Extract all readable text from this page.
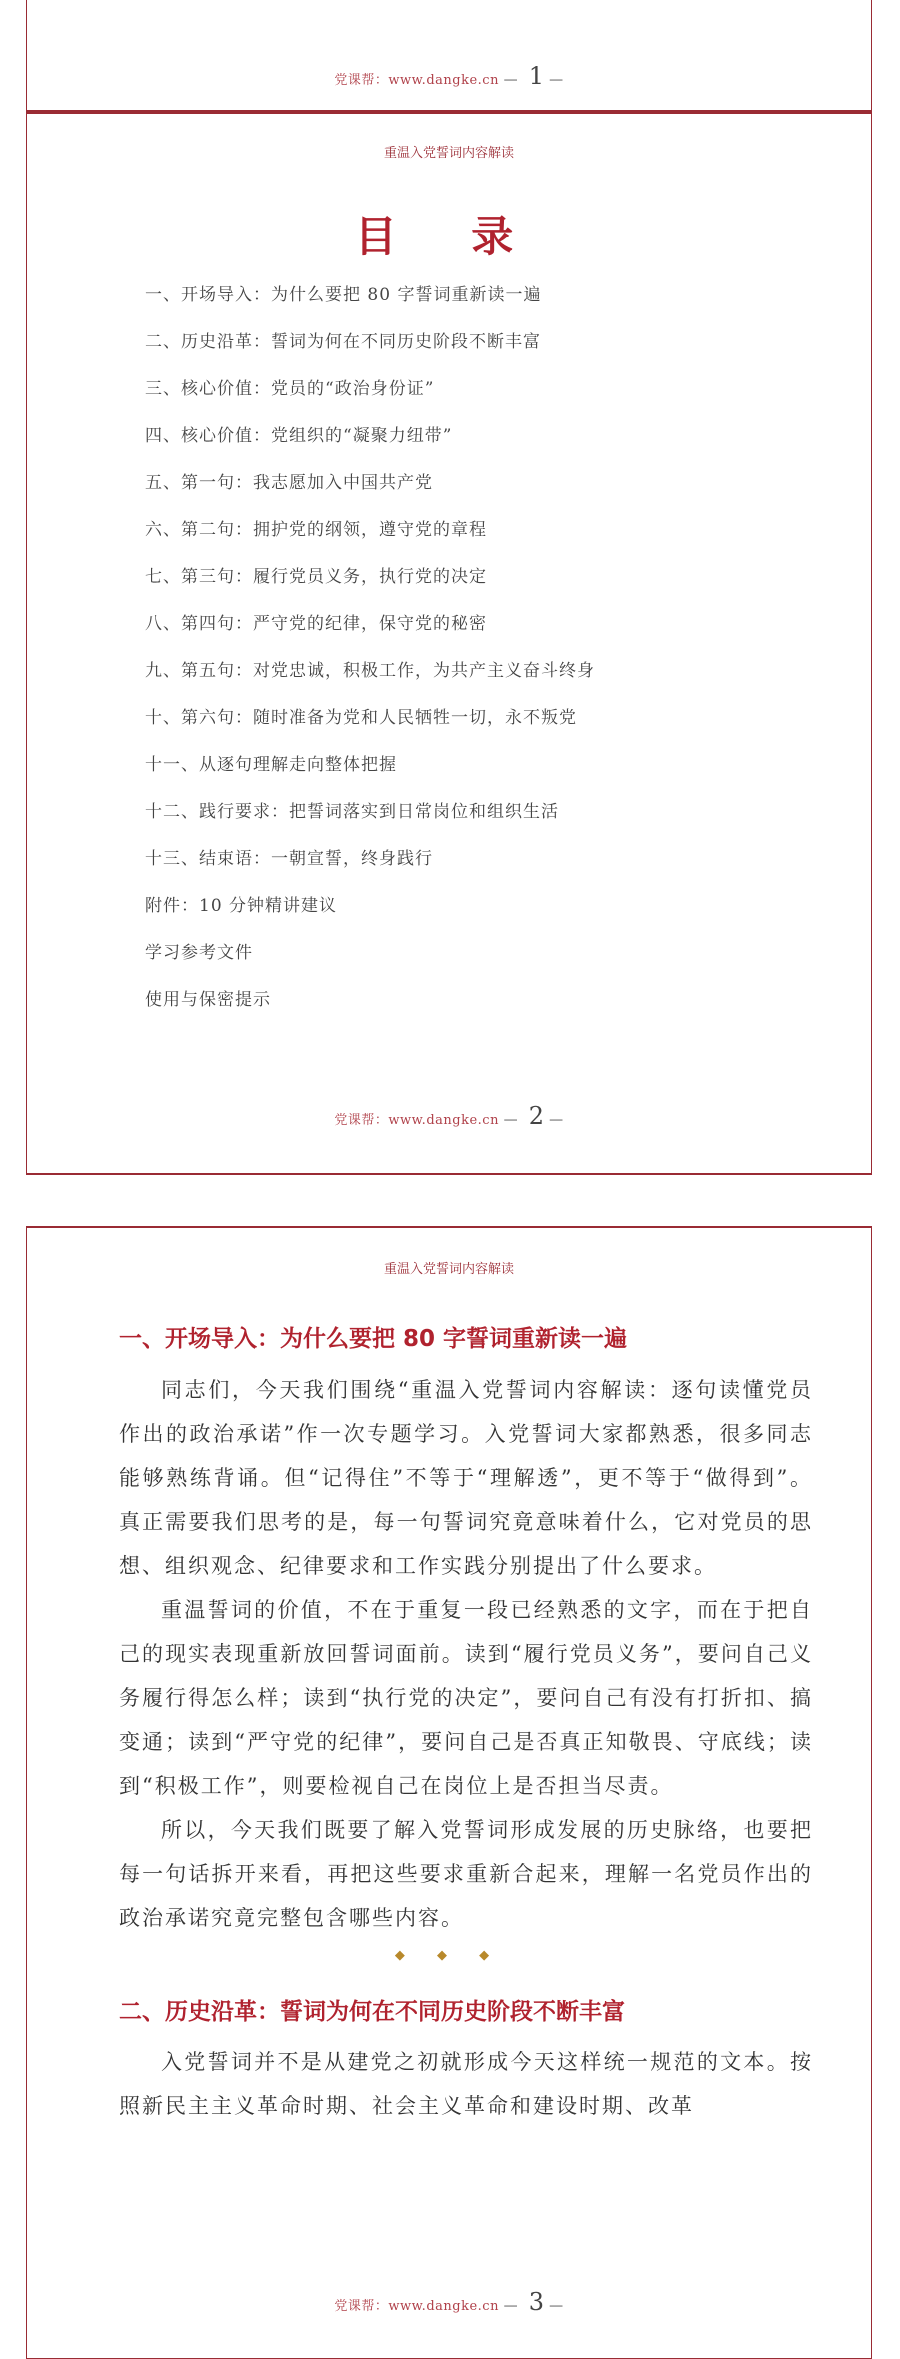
党课帮：www.dangke.cn — 1 —
重温入党誓词内容解读
目 录
一、开场导入：为什么要把 80 字誓词重新读一遍
二、历史沿革：誓词为何在不同历史阶段不断丰富
三、核心价值：党员的“政治身份证”
四、核心价值：党组织的“凝聚力纽带”
五、第一句：我志愿加入中国共产党
六、第二句：拥护党的纲领，遵守党的章程
七、第三句：履行党员义务，执行党的决定
八、第四句：严守党的纪律，保守党的秘密
九、第五句：对党忠诚，积极工作，为共产主义奋斗终身
十、第六句：随时准备为党和人民牺牲一切，永不叛党
十一、从逐句理解走向整体把握
十二、践行要求：把誓词落实到日常岗位和组织生活
十三、结束语：一朝宣誓，终身践行
附件：10 分钟精讲建议
学习参考文件
使用与保密提示
党课帮：www.dangke.cn — 2 —
重温入党誓词内容解读
一、开场导入：为什么要把 80 字誓词重新读一遍

同志们，今天我们围绕“重温入党誓词内容解读：逐句读懂党员作出的政治承诺”作一次专题学习。入党誓词大家都熟悉，很多同志能够熟练背诵。但“记得住”不等于“理解透”，更不等于“做得到”。真正需要我们思考的是，每一句誓词究竟意味着什么，它对党员的思想、组织观念、纪律要求和工作实践分别提出了什么要求。

重温誓词的价值，不在于重复一段已经熟悉的文字，而在于把自己的现实表现重新放回誓词面前。读到“履行党员义务”，要问自己义务履行得怎么样；读到“执行党的决定”，要问自己有没有打折扣、搞变通；读到“严守党的纪律”，要问自己是否真正知敬畏、守底线；读到“积极工作”，则要检视自己在岗位上是否担当尽责。

所以，今天我们既要了解入党誓词形成发展的历史脉络，也要把每一句话拆开来看，再把这些要求重新合起来，理解一名党员作出的政治承诺究竟完整包含哪些内容。

◆ ◆ ◆
二、历史沿革：誓词为何在不同历史阶段不断丰富

入党誓词并不是从建党之初就形成今天这样统一规范的文本。按照新民主主义革命时期、社会主义革命和建设时期、改革

党课帮：www.dangke.cn — 3 —
